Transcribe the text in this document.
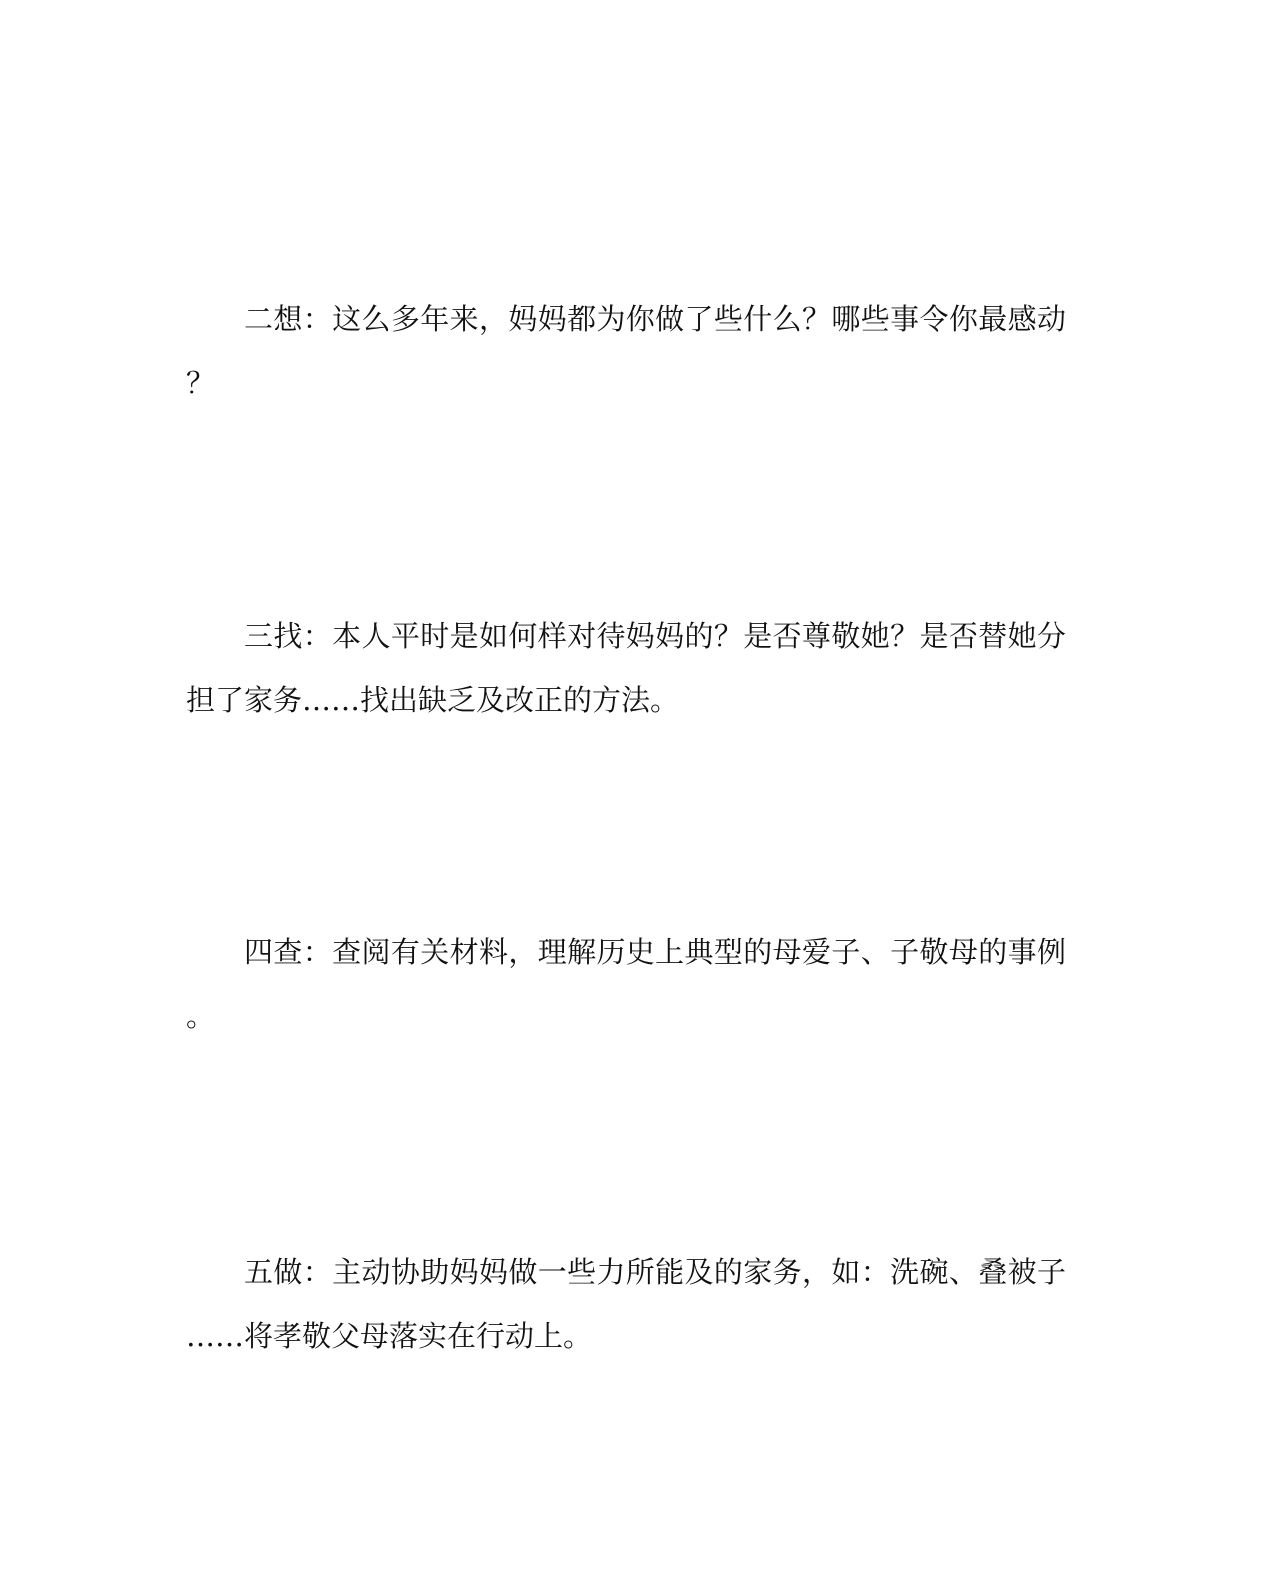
二想：这么多年来，妈妈都为你做了些什么？哪些事令你最感动
？
三找：本人平时是如何样对待妈妈的？是否尊敬她？是否替她分
担了家务……找出缺乏及改正的方法。
四查：查阅有关材料，理解历史上典型的母爱子、子敬母的事例
。
五做：主动协助妈妈做一些力所能及的家务，如：洗碗、叠被子
……将孝敬父母落实在行动上。
